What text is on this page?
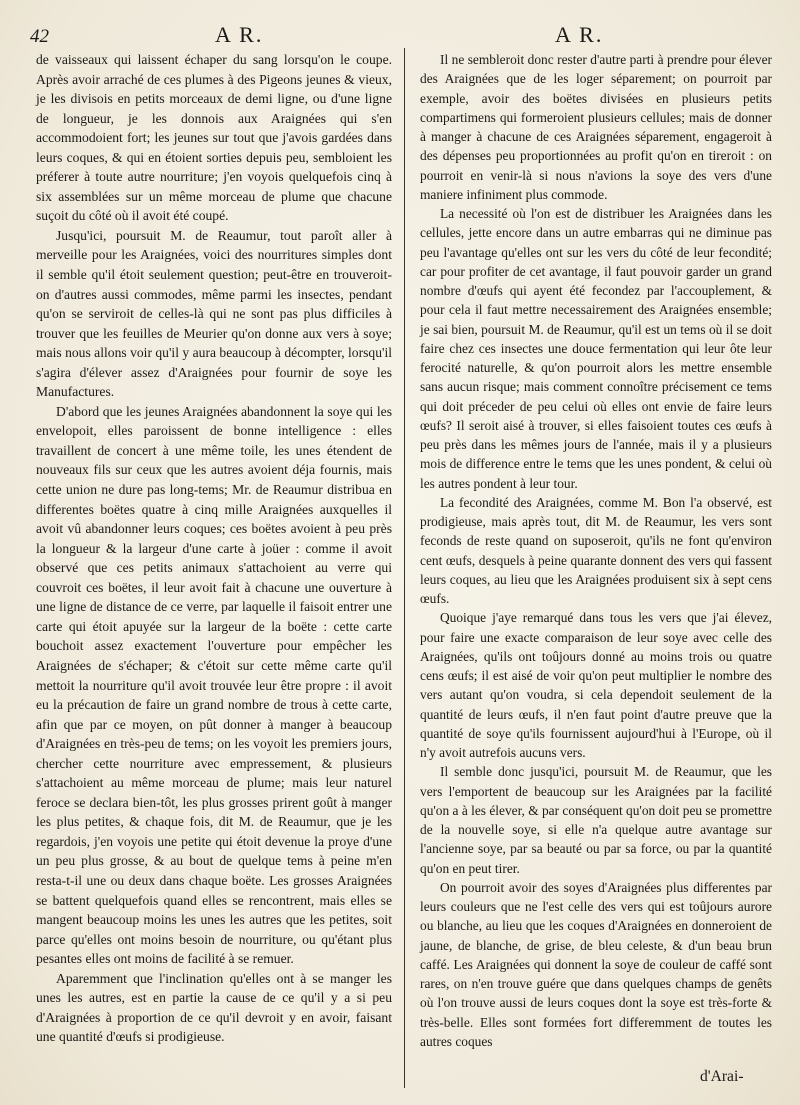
42	A R.	A R.

de vaisseaux qui laissent échaper du sang lorsqu'on le coupe. Après avoir arraché de ces plumes à des Pigeons jeunes & vieux, je les divisois en petits morceaux de demi ligne, ou d'une ligne de longueur, je les donnois aux Araignées qui s'en accommodoient fort; les jeunes sur tout que j'avois gardées dans leurs coques, & qui en étoient sorties depuis peu, sembloient les préferer à toute autre nourriture; j'en voyois quelquefois cinq à six assemblées sur un même morceau de plume que chacune suçoit du côté où il avoit été coupé.

Jusqu'ici, poursuit M. de Reaumur, tout paroît aller à merveille pour les Araignées, voici des nourritures simples dont il semble qu'il étoit seulement question; peut-être en trouveroit-on d'autres aussi commodes, même parmi les insectes, pendant qu'on se serviroit de celles-là qui ne sont pas plus difficiles à trouver que les feuilles de Meurier qu'on donne aux vers à soye; mais nous allons voir qu'il y aura beaucoup à décompter, lorsqu'il s'agira d'élever assez d'Araignées pour fournir de soye les Manufactures.

D'abord que les jeunes Araignées abandonnent la soye qui les envelopoit, elles paroissent de bonne intelligence : elles travaillent de concert à une même toile, les unes étendent de nouveaux fils sur ceux que les autres avoient déja fournis, mais cette union ne dure pas long-tems; Mr. de Reaumur distribua en differentes boëtes quatre à cinq mille Araignées auxquelles il avoit vû abandonner leurs coques; ces boëtes avoient à peu près la longueur & la largeur d'une carte à joüer : comme il avoit observé que ces petits animaux s'attachoient au verre qui couvroit ces boëtes, il leur avoit fait à chacune une ouverture à une ligne de distance de ce verre, par laquelle il faisoit entrer une carte qui étoit apuyée sur la largeur de la boëte : cette carte bouchoit assez exactement l'ouverture pour empêcher les Araignées de s'échaper; & c'étoit sur cette même carte qu'il mettoit la nourriture qu'il avoit trouvée leur être propre : il avoit eu la précaution de faire un grand nombre de trous à cette carte, afin que par ce moyen, on pût donner à manger à beaucoup d'Araignées en très-peu de tems; on les voyoit les premiers jours, chercher cette nourriture avec empressement, & plusieurs s'attachoient au même morceau de plume; mais leur naturel feroce se declara bien-tôt, les plus grosses prirent goût à manger les plus petites, & chaque fois, dit M. de Reaumur, que je les regardois, j'en voyois une petite qui étoit devenue la proye d'une un peu plus grosse, & au bout de quelque tems à peine m'en resta-t-il une ou deux dans chaque boëte. Les grosses Araignées se battent quelquefois quand elles se rencontrent, mais elles se mangent beaucoup moins les unes les autres que les petites, soit parce qu'elles ont moins besoin de nourriture, ou qu'étant plus pesantes elles ont moins de facilité à se remuer.

Aparemment que l'inclination qu'elles ont à se manger les unes les autres, est en partie la cause de ce qu'il y a si peu d'Araignées à proportion de ce qu'il devroit y en avoir, faisant une quantité d'œufs si prodigieuse.

Il ne sembleroit donc rester d'autre parti à prendre pour élever des Araignées que de les loger séparement; on pourroit par exemple, avoir des boëtes divisées en plusieurs petits compartimens qui formeroient plusieurs cellules; mais de donner à manger à chacune de ces Araignées séparement, engageroit à des dépenses peu proportionnées au profit qu'on en tireroit : on pourroit en venir-là si nous n'avions la soye des vers d'une maniere infiniment plus commode.

La necessité où l'on est de distribuer les Araignées dans les cellules, jette encore dans un autre embarras qui ne diminue pas peu l'avantage qu'elles ont sur les vers du côté de leur fecondité; car pour profiter de cet avantage, il faut pouvoir garder un grand nombre d'œufs qui ayent été fecondez par l'accouplement, & pour cela il faut mettre necessairement des Araignées ensemble; je sai bien, poursuit M. de Reaumur, qu'il est un tems où il se doit faire chez ces insectes une douce fermentation qui leur ôte leur ferocité naturelle, & qu'on pourroit alors les mettre ensemble sans aucun risque; mais comment connoître précisement ce tems qui doit préceder de peu celui où elles ont envie de faire leurs œufs? Il seroit aisé à trouver, si elles faisoient toutes ces œufs à peu près dans les mêmes jours de l'année, mais il y a plusieurs mois de difference entre le tems que les unes pondent, & celui où les autres pondent à leur tour.

La fecondité des Araignées, comme M. Bon l'a observé, est prodigieuse, mais après tout, dit M. de Reaumur, les vers sont feconds de reste quand on suposeroit, qu'ils ne font qu'environ cent œufs, desquels à peine quarante donnent des vers qui fassent leurs coques, au lieu que les Araignées produisent six à sept cens œufs.

Quoique j'aye remarqué dans tous les vers que j'ai élevez, pour faire une exacte comparaison de leur soye avec celle des Araignées, qu'ils ont toûjours donné au moins trois ou quatre cens œufs; il est aisé de voir qu'on peut multiplier le nombre des vers autant qu'on voudra, si cela dependoit seulement de la quantité de leurs œufs, il n'en faut point d'autre preuve que la quantité de soye qu'ils fournissent aujourd'hui à l'Europe, où il n'y avoit autrefois aucuns vers.

Il semble donc jusqu'ici, poursuit M. de Reaumur, que les vers l'emportent de beaucoup sur les Araignées par la facilité qu'on a à les élever, & par conséquent qu'on doit peu se promettre de la nouvelle soye, si elle n'a quelque autre avantage sur l'ancienne soye, par sa beauté ou par sa force, ou par la quantité qu'on en peut tirer.

On pourroit avoir des soyes d'Araignées plus differentes par leurs couleurs que ne l'est celle des vers qui est toûjours aurore ou blanche, au lieu que les coques d'Araignées en donneroient de jaune, de blanche, de grise, de bleu celeste, & d'un beau brun caffé. Les Araignées qui donnent la soye de couleur de caffé sont rares, on n'en trouve guére que dans quelques champs de genêts où l'on trouve aussi de leurs coques dont la soye est très-forte & très-belle. Elles sont formées fort differemment de toutes les autres coques

d'Arai-
